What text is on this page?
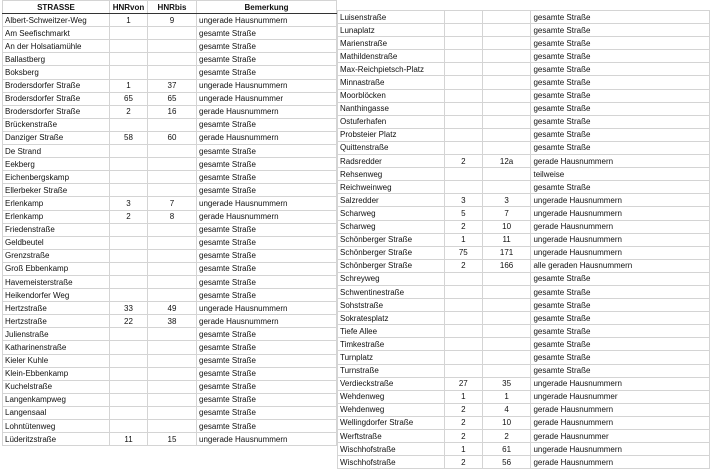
STRASSE	HNRvon	HNRbis	Bemerkung
Albert-Schweitzer-Weg	1	9	ungerade Hausnummern
Am Seefischmarkt			gesamte Straße
An der Holsatiamühle			gesamte Straße
Ballastberg			gesamte Straße
Boksberg			gesamte Straße
Brodersdorfer Straße	1	37	ungerade Hausnummern
Brodersdorfer Straße	65	65	ungerade Hausnummer
Brodersdorfer Straße	2	16	gerade Hausnummern
Brückenstraße			gesamte Straße
Danziger Straße	58	60	gerade Hausnummern
De Strand			gesamte Straße
Eekberg			gesamte Straße
Eichenbergskamp			gesamte Straße
Ellerbeker Straße			gesamte Straße
Erlenkamp	3	7	ungerade Hausnummern
Erlenkamp	2	8	gerade Hausnummern
Friedenstraße			gesamte Straße
Geldbeutel			gesamte Straße
Grenzstraße			gesamte Straße
Groß Ebbenkamp			gesamte Straße
Havemeisterstraße			gesamte Straße
Heikendorfer Weg			gesamte Straße
Hertzstraße	33	49	ungerade Hausnummern
Hertzstraße	22	38	gerade Hausnummern
Julienstraße			gesamte Straße
Katharinenstraße			gesamte Straße
Kieler Kuhle			gesamte Straße
Klein-Ebbenkamp			gesamte Straße
Kuchelstraße			gesamte Straße
Langenkampweg			gesamte Straße
Langensaal			gesamte Straße
Lohntütenweg			gesamte Straße
Lüderitzstraße	11	15	ungerade Hausnummern
Luisenstraße			gesamte Straße
Lunaplatz			gesamte Straße
Marienstraße			gesamte Straße
Mathildenstraße			gesamte Straße
Max-Reichpietsch-Platz			gesamte Straße
Minnastraße			gesamte Straße
Moorblöcken			gesamte Straße
Nanthingasse			gesamte Straße
Ostuferhafen			gesamte Straße
Probsteier Platz			gesamte Straße
Quittenstraße			gesamte Straße
Radsredder	2	12a	gerade Hausnummern
Rehsenweg			teilweise
Reichweinweg			gesamte Straße
Salzredder	3	3	ungerade Hausnummern
Scharweg	5	7	ungerade Hausnummern
Scharweg	2	10	gerade Hausnummern
Schönberger Straße	1	11	ungerade Hausnummern
Schönberger Straße	75	171	ungerade Hausnummern
Schönberger Straße	2	166	alle geraden Hausnummern
Schreyweg			gesamte Straße
Schwentinestraße			gesamte Straße
Sohststraße			gesamte Straße
Sokratesplatz			gesamte Straße
Tiefe Allee			gesamte Straße
Timkestraße			gesamte Straße
Turnplatz			gesamte Straße
Turnstraße			gesamte Straße
Verdieckstraße	27	35	ungerade Hausnummern
Wehdenweg	1	1	ungerade Hausnummer
Wehdenweg	2	4	gerade Hausnummern
Wellingdorfer Straße	2	10	gerade Hausnummern
Werftstraße	2	2	gerade Hausnummer
Wischhofstraße	1	61	ungerade Hausnummern
Wischhofstraße	2	56	gerade Hausnummern
